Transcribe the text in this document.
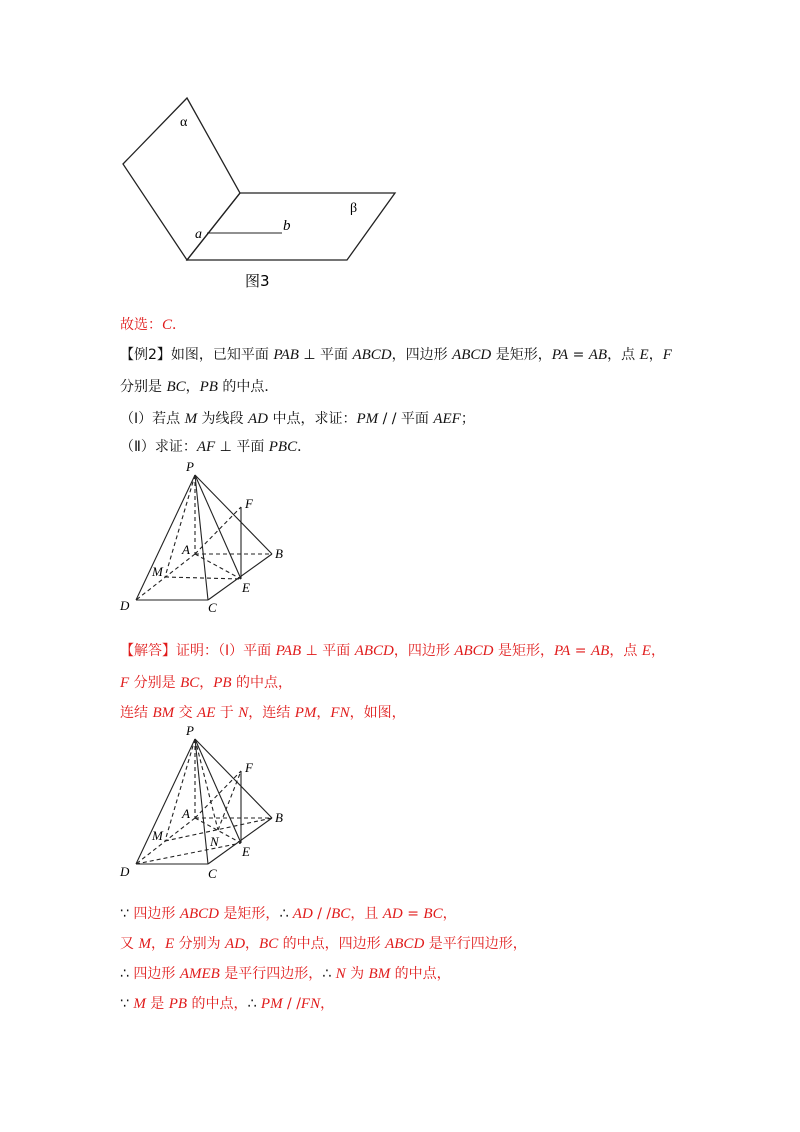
α
β
a
b
图3
故选：C．
【例2】如图，已知平面 PAB ⊥ 平面 ABCD，四边形 ABCD 是矩形，PA = AB，点 E，F
分别是 BC，PB 的中点．
（Ⅰ）若点 M 为线段 AD 中点，求证：PM / / 平面 AEF；
（Ⅱ）求证：AF ⊥ 平面 PBC．
P
F
A	B
M
E
D	C
【解答】证明：（Ⅰ）平面 PAB ⊥ 平面 ABCD，四边形 ABCD 是矩形，PA = AB，点 E，
F 分别是 BC，PB 的中点，
连结 BM 交 AE 于 N，连结 PM，FN，如图，
P
F
A	B
M	N
E
D	C
∵ 四边形 ABCD 是矩形，∴ AD / /BC，且 AD = BC，
又 M，E 分别为 AD，BC 的中点，四边形 ABCD 是平行四边形，
∴ 四边形 AMEB 是平行四边形，∴ N 为 BM 的中点，
∵ M 是 PB 的中点，∴ PM / /FN，
